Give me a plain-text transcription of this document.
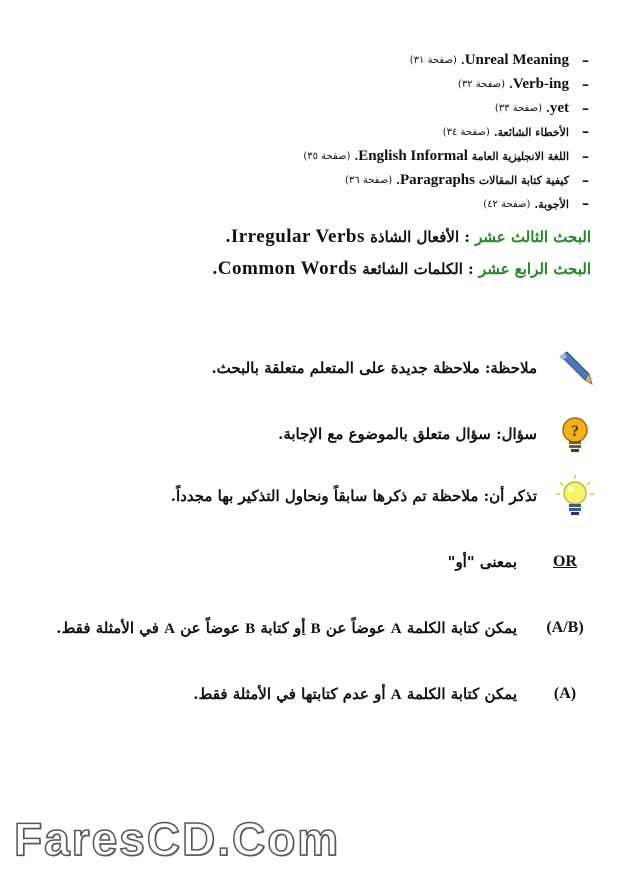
–
Unreal Meaning
.
(صفحة ٣١)
–
Verb-ing
.
(صفحة ٣٢)
–
yet
.
(صفحة ٣٣)
–
الأخطاء الشائعة.
(صفحة ٣٤)
–
اللغة الانجليزية العامة

English Informal
.
(صفحة ٣٥)
–
كيفية كتابة المقالات

Paragraphs
.
(صفحة ٣٦)
–
الأجوبة.
(صفحة ٤٢)
البحث الثالث عشر : الأفعال الشاذة Irregular Verbs.
البحث الرابع عشر : الكلمات الشائعة Common Words.
ملاحظة: ملاحظة جديدة على المتعلم متعلقة بالبحث.
?
سؤال: سؤال متعلق بالموضوع مع الإجابة.
تذكر أن: ملاحظة تم ذكرها سابقاً ونحاول التذكير بها مجدداً.
OR
بمعنى "أو"
(A/B)
يمكن كتابة الكلمة A عوضاً عن B أو كتابة B عوضاً عن A في الأمثلة فقط.
(A)
يمكن كتابة الكلمة A أو عدم كتابتها في الأمثلة فقط.
FaresCD.Com
